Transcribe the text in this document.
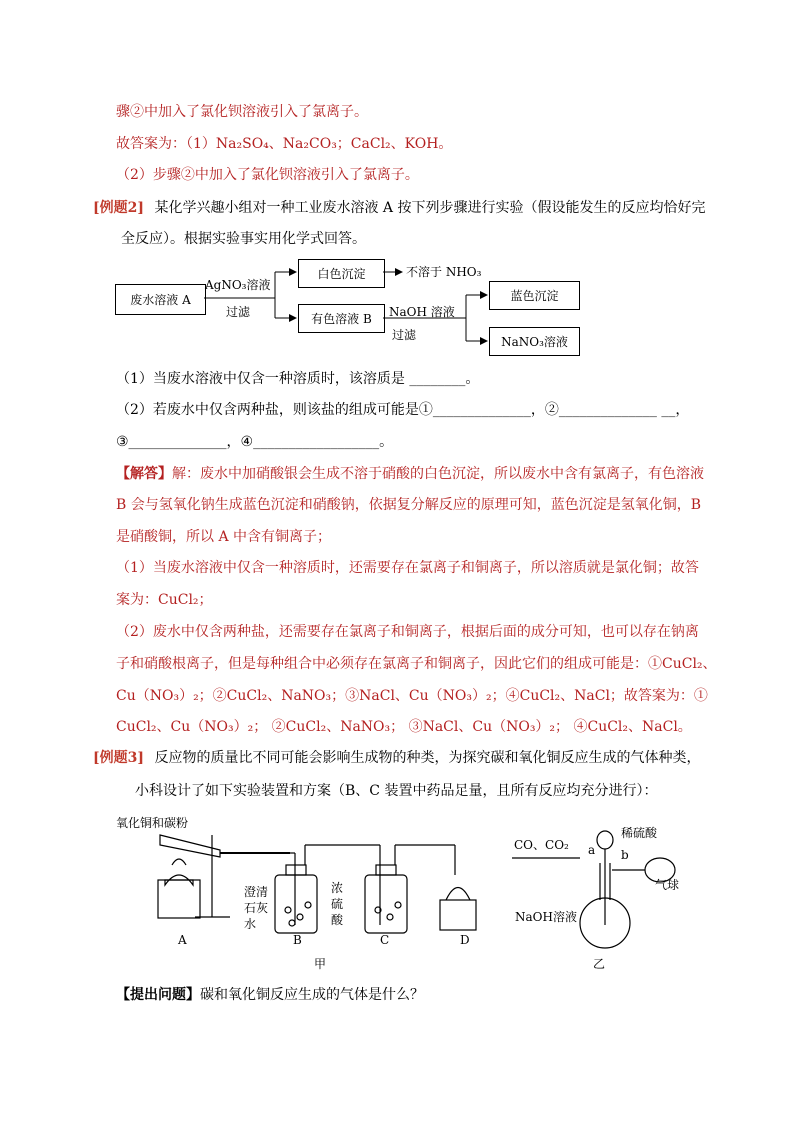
骤②中加入了氯化钡溶液引入了氯离子。
故答案为：（1）Na₂SO₄、Na₂CO₃；CaCl₂、KOH。
（2）步骤②中加入了氯化钡溶液引入了氯离子。
[例题2] 某化学兴趣小组对一种工业废水溶液 A 按下列步骤进行实验（假设能发生的反应均恰好完
全反应）。根据实验事实用化学式回答。
废水溶液 A
白色沉淀
有色溶液 B
蓝色沉淀
NaNO₃溶液
AgNO₃溶液
过滤
不溶于 NHO₃
NaOH 溶液
过滤
（1）当废水溶液中仅含一种溶质时，该溶质是 ________。
（2）若废水中仅含两种盐，则该盐的组成可能是①______________，②______________ __，
③______________，④__________________。
【解答】解：废水中加硝酸银会生成不溶于硝酸的白色沉淀，所以废水中含有氯离子，有色溶液
B 会与氢氧化钠生成蓝色沉淀和硝酸钠，依据复分解反应的原理可知，蓝色沉淀是氢氧化铜，B
是硝酸铜，所以 A 中含有铜离子；
（1）当废水溶液中仅含一种溶质时，还需要存在氯离子和铜离子，所以溶质就是氯化铜；故答
案为：CuCl₂；
（2）废水中仅含两种盐，还需要存在氯离子和铜离子，根据后面的成分可知，也可以存在钠离
子和硝酸根离子，但是每种组合中必须存在氯离子和铜离子，因此它们的组成可能是：①CuCl₂、
Cu（NO₃）₂；②CuCl₂、NaNO₃；③NaCl、Cu（NO₃）₂；④CuCl₂、NaCl；故答案为：①
CuCl₂、Cu（NO₃）₂； ②CuCl₂、NaNO₃； ③NaCl、Cu（NO₃）₂； ④CuCl₂、NaCl。
[例题3] 反应物的质量比不同可能会影响生成物的种类，为探究碳和氧化铜反应生成的气体种类，
小科设计了如下实验装置和方案（B、C 装置中药品足量，且所有反应均充分进行）：
氧化铜和碳粉
澄清
石灰
水
浓
硫
酸
A	B	C	D
甲
CO、CO₂
稀硫酸
a b
气球
NaOH溶液
乙
【提出问题】碳和氧化铜反应生成的气体是什么？
